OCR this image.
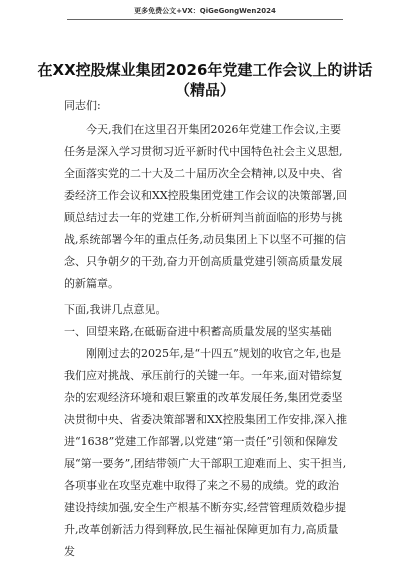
更多免费公文+VX：QiGeGongWen2024
在XX控股煤业集团2026年党建工作会议上的讲话
（精品）

同志们:

今天,我们在这里召开集团2026年党建工作会议,主要任务是深入学习贯彻习近平新时代中国特色社会主义思想,全面落实党的二十大及二十届历次全会精神,以及中央、省委经济工作会议和XX控股集团党建工作会议的决策部署,回顾总结过去一年的党建工作,分析研判当前面临的形势与挑战,系统部署今年的重点任务,动员集团上下以坚不可摧的信念、只争朝夕的干劲,奋力开创高质量党建引领高质量发展的新篇章。

下面,我讲几点意见。

一、回望来路,在砥砺奋进中积蓄高质量发展的坚实基础

刚刚过去的2025年,是“十四五”规划的收官之年,也是我们应对挑战、承压前行的关键一年。一年来,面对错综复杂的宏观经济环境和艰巨繁重的改革发展任务,集团党委坚决贯彻中央、省委决策部署和XX控股集团工作安排,深入推进“1638”党建工作部署,以党建“第一责任”引领和保障发展“第一要务”,团结带领广大干部职工迎难而上、实干担当,各项事业在攻坚克难中取得了来之不易的成绩。党的政治建设持续加强,安全生产根基不断夯实,经营管理质效稳步提升,改革创新活力得到释放,民生福祉保障更加有力,高质量发
